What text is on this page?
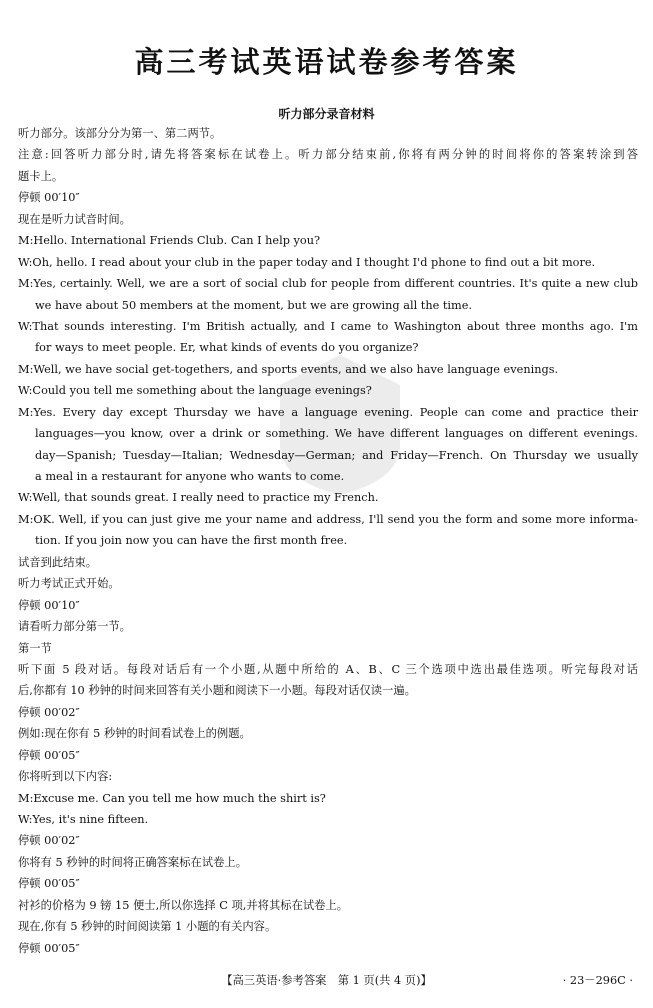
高三考试英语试卷参考答案
听力部分录音材料
听力部分。该部分分为第一、第二两节。
注意:回答听力部分时,请先将答案标在试卷上。听力部分结束前,你将有两分钟的时间将你的答案转涂到答
题卡上。
停顿 00′10″
现在是听力试音时间。
M:Hello. International Friends Club. Can I help you?
W:Oh, hello. I read about your club in the paper today and I thought I'd phone to find out a bit more.
M:Yes, certainly. Well, we are a sort of social club for people from different countries. It's quite a new club
we have about 50 members at the moment, but we are growing all the time.
W:That sounds interesting. I'm British actually, and I came to Washington about three months ago. I'm
for ways to meet people. Er, what kinds of events do you organize?
M:Well, we have social get-togethers, and sports events, and we also have language evenings.
W:Could you tell me something about the language evenings?
M:Yes. Every day except Thursday we have a language evening. People can come and practice their
languages—you know, over a drink or something. We have different languages on different evenings.
day—Spanish; Tuesday—Italian; Wednesday—German; and Friday—French. On Thursday we usually
a meal in a restaurant for anyone who wants to come.
W:Well, that sounds great. I really need to practice my French.
M:OK. Well, if you can just give me your name and address, I'll send you the form and some more informa-
tion. If you join now you can have the first month free.
试音到此结束。
听力考试正式开始。
停顿 00′10″
请看听力部分第一节。
第一节
听下面 5 段对话。每段对话后有一个小题,从题中所给的 A、B、C 三个选项中选出最佳选项。听完每段对话
后,你都有 10 秒钟的时间来回答有关小题和阅读下一小题。每段对话仅读一遍。
停顿 00′02″
例如:现在你有 5 秒钟的时间看试卷上的例题。
停顿 00′05″
你将听到以下内容:
M:Excuse me. Can you tell me how much the shirt is?
W:Yes, it's nine fifteen.
停顿 00′02″
你将有 5 秒钟的时间将正确答案标在试卷上。
停顿 00′05″
衬衫的价格为 9 镑 15 便士,所以你选择 C 项,并将其标在试卷上。
现在,你有 5 秒钟的时间阅读第 1 小题的有关内容。
停顿 00′05″
【高三英语·参考答案　第 1 页(共 4 页)】	· 23－296C ·
